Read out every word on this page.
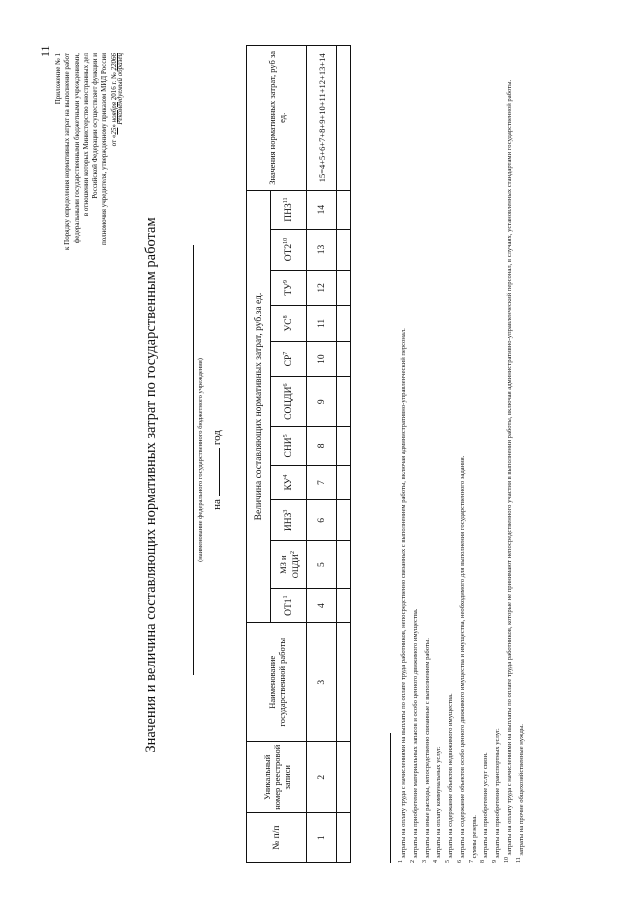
11
Приложение № 1 к Порядку определения нормативных затрат на выполнение работ федеральными государственными бюджетными учреждениями, в отношении которых Министерство иностранных дел Российской Федерации осуществляет функции и полномочия учредителя, утвержденному приказом МИД России от «25» ноября 2016 г. № 22066
Рекомендуемый образец
Значения и величина составляющих нормативных затрат по государственным работам	(наименование федерального государственного бюджетного учреждения) нагод
№ п/п	Уникальный номер реестровой записи	Наименование государственной работы	Величина составляющих нормативных затрат, руб.за ед.											Значения нормативных затрат, руб за ед.
			$ОТ1^1$	МЗ и ОЦДИ$^2$	ИНЗ$^3$	$КУ^4$	СНИ$^5$	СОЦДИ$^6$	$СР^7$	$УС^8$	$ТУ^9$	$ОТ2^{10}$	ПНЗ$^{11}$
1	2	3	4	5	6	7	8	9	10	11	12	13	14	15=4+5+6+7+8+9+10+11+12+13+14

$^1$ затраты на оплату труда с начислениями на выплаты по оплате труда работников, непосредственно связанных с выполнением работы, включая административно-управленческий персонал.

$^2$ затраты на приобретение материальных запасов и особо ценного движимого имущества.

$^3$ затраты на иные расходы, непосредственно связанные с выполнением работы.

$^4$ затраты на оплату коммунальных услуг.

$^5$ затраты на содержание объектов недвижимого имущества.

$^6$ затраты на содержание объектов особо ценного движимого имущества и имущества, необходимого для выполнения государственного задания.

$^7$ суммы резерва.

$^8$ затраты на приобретение услуг связи.

$^9$ затраты на приобретение транспортных услуг.

$^{10}$ затраты на оплату труда с начислениями на выплаты по оплате труда работников, которые не принимают непосредственного участия в выполнении работы, включая административно-управленческий персонал, в случаях, установленных стандартами государственной работы.

$^{11}$ затраты на прочие общехозяйственные нужды.
